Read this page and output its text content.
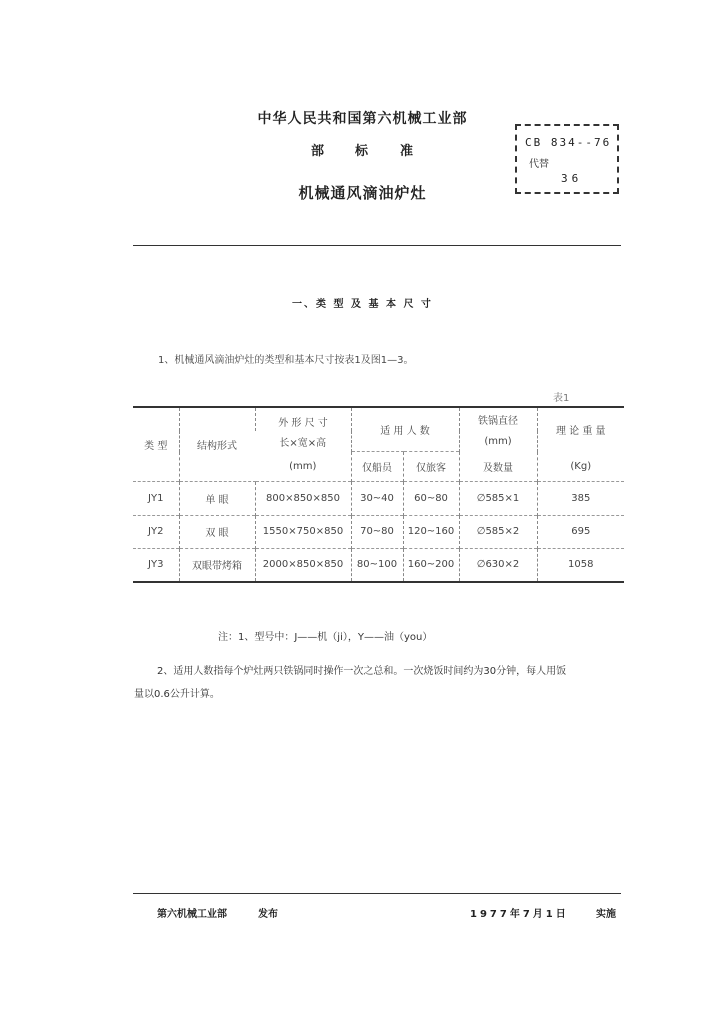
中华人民共和国第六机械工业部
部 标 准
机械通风滴油炉灶
CB 834--76
代替
36
一、类 型 及 基 本 尺 寸
1、机械通风滴油炉灶的类型和基本尺寸按表1及图1—3。
表1
类 型	结构形式	外 形 尺 寸	适 用 人 数		铁锅直径	理 论 重 量
		长×宽×高			(mm)	
		(mm)	仅船员	仅旅客	及数量	(Kg)
JY1	单 眼	800×850×850	30~40	60~80	∅585×1	385
JY2	双 眼	1550×750×850	70~80	120~160	∅585×2	695
JY3	双眼带烤箱	2000×850×850	80~100	160~200	∅630×2	1058
注：1、型号中：J——机（ji），Y——油（you）
2、适用人数指每个炉灶两只铁锅同时操作一次之总和。一次烧饭时间约为30分钟，每人用饭
量以0.6公升计算。
第六机械工业部	发布	1977年7月1日	实施
